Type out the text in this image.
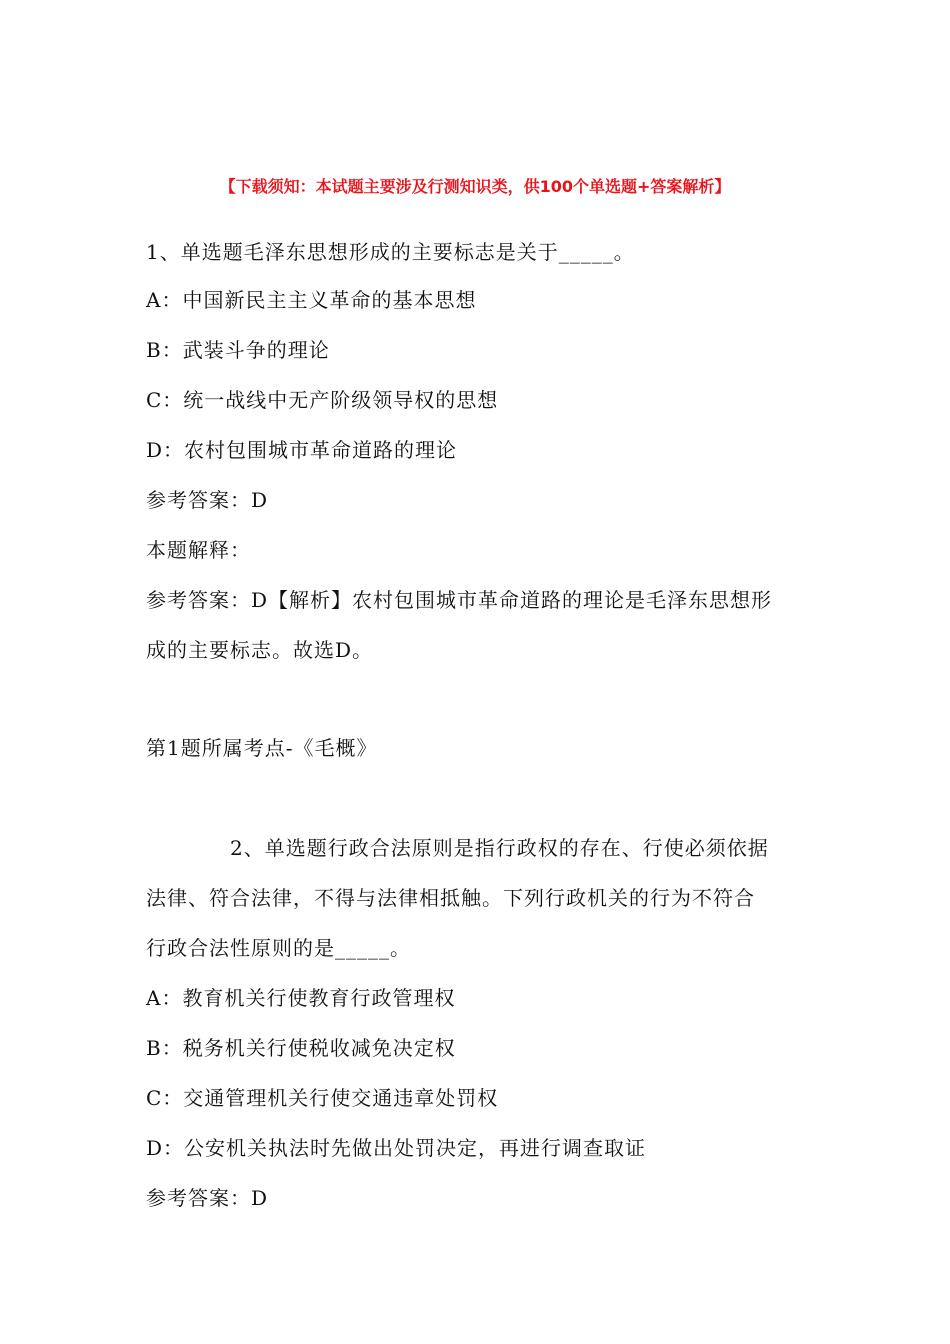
【下载须知：本试题主要涉及行测知识类，供100个单选题+答案解析】
1、单选题毛泽东思想形成的主要标志是关于_____。
A：中国新民主主义革命的基本思想
B：武装斗争的理论
C：统一战线中无产阶级领导权的思想
D：农村包围城市革命道路的理论
参考答案：D
本题解释：
参考答案：D【解析】农村包围城市革命道路的理论是毛泽东思想形
成的主要标志。故选D。
第1题所属考点-《毛概》
2、单选题行政合法原则是指行政权的存在、行使必须依据
法律、符合法律，不得与法律相抵触。下列行政机关的行为不符合
行政合法性原则的是_____。
A：教育机关行使教育行政管理权
B：税务机关行使税收减免决定权
C：交通管理机关行使交通违章处罚权
D：公安机关执法时先做出处罚决定，再进行调查取证
参考答案：D
